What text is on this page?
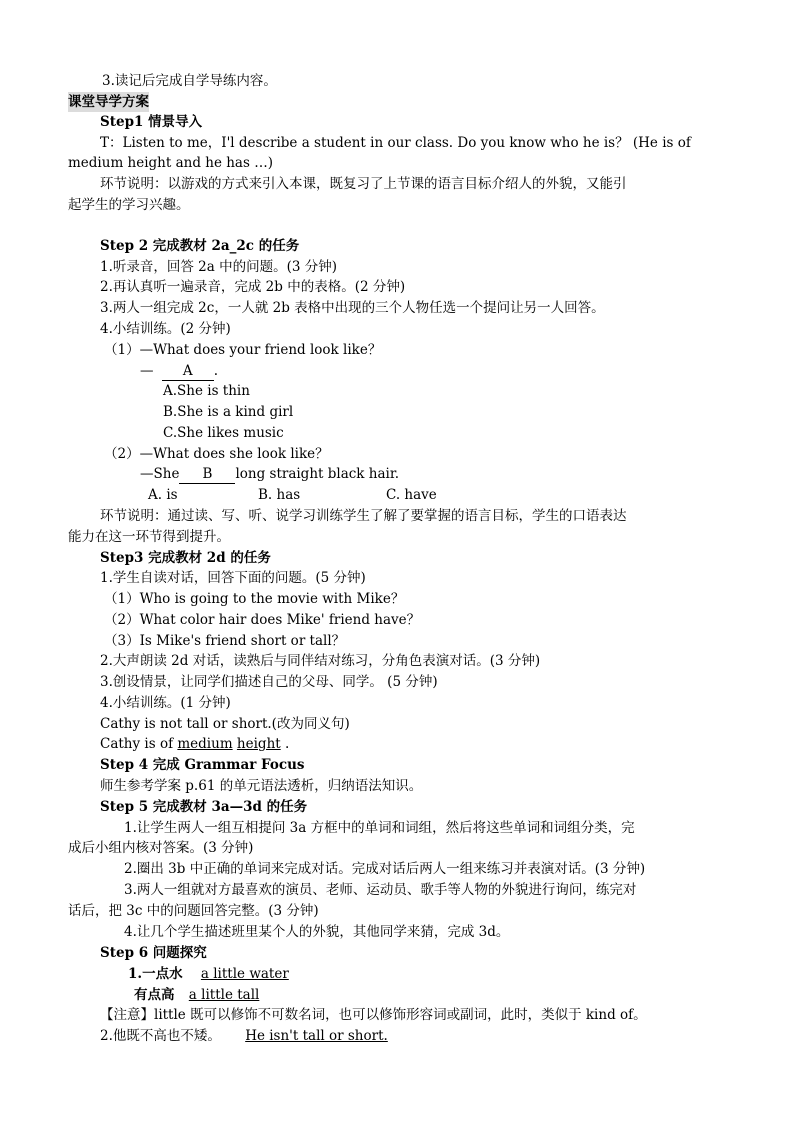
3.读记后完成自学导练内容。
课堂导学方案
Step1 情景导入
T：Listen to me，I'l describe a student in our class. Do you know who he is？ (He is of
medium height and he has …)
环节说明：以游戏的方式来引入本课，既复习了上节课的语言目标介绍人的外貌，又能引
起学生的学习兴趣。
Step 2 完成教材 2a_2c 的任务
1.听录音，回答 2a 中的问题。(3 分钟)
2.再认真听一遍录音，完成 2b 中的表格。(2 分钟)
3.两人一组完成 2c，一人就 2b 表格中出现的三个人物任选一个提问让另一人回答。
4.小结训练。(2 分钟)
（1）—What does your friend look like？
— A .
A.She is thin
B.She is a kind girl
C.She likes music
（2）—What does she look like？
—She B long straight black hair.
A. is	B. has	C. have
环节说明：通过读、写、听、说学习训练学生了解了要掌握的语言目标，学生的口语表达
能力在这一环节得到提升。
Step3 完成教材 2d 的任务
1.学生自读对话，回答下面的问题。(5 分钟)
（1）Who is going to the movie with Mike？
（2）What color hair does Mike' friend have？
（3）Is Mike's friend short or tall？
2.大声朗读 2d 对话，读熟后与同伴结对练习，分角色表演对话。(3 分钟)
3.创设情景，让同学们描述自己的父母、同学。 (5 分钟)
4.小结训练。(1 分钟)
Cathy is not tall or short.(改为同义句)
Cathy is of medium height .
Step 4 完成 Grammar Focus
师生参考学案 p.61 的单元语法透析，归纳语法知识。
Step 5 完成教材 3a—3d 的任务
1.让学生两人一组互相提问 3a 方框中的单词和词组，然后将这些单词和词组分类，完
成后小组内核对答案。(3 分钟)
2.圈出 3b 中正确的单词来完成对话。完成对话后两人一组来练习并表演对话。(3 分钟)
3.两人一组就对方最喜欢的演员、老师、运动员、歌手等人物的外貌进行询问，练完对
话后，把 3c 中的问题回答完整。(3 分钟)
4.让几个学生描述班里某个人的外貌，其他同学来猜，完成 3d。
Step 6 问题探究
1.一点水 a little water
有点高 a little tall
【注意】little 既可以修饰不可数名词，也可以修饰形容词或副词，此时，类似于 kind of。
2.他既不高也不矮。 He isn't tall or short.
